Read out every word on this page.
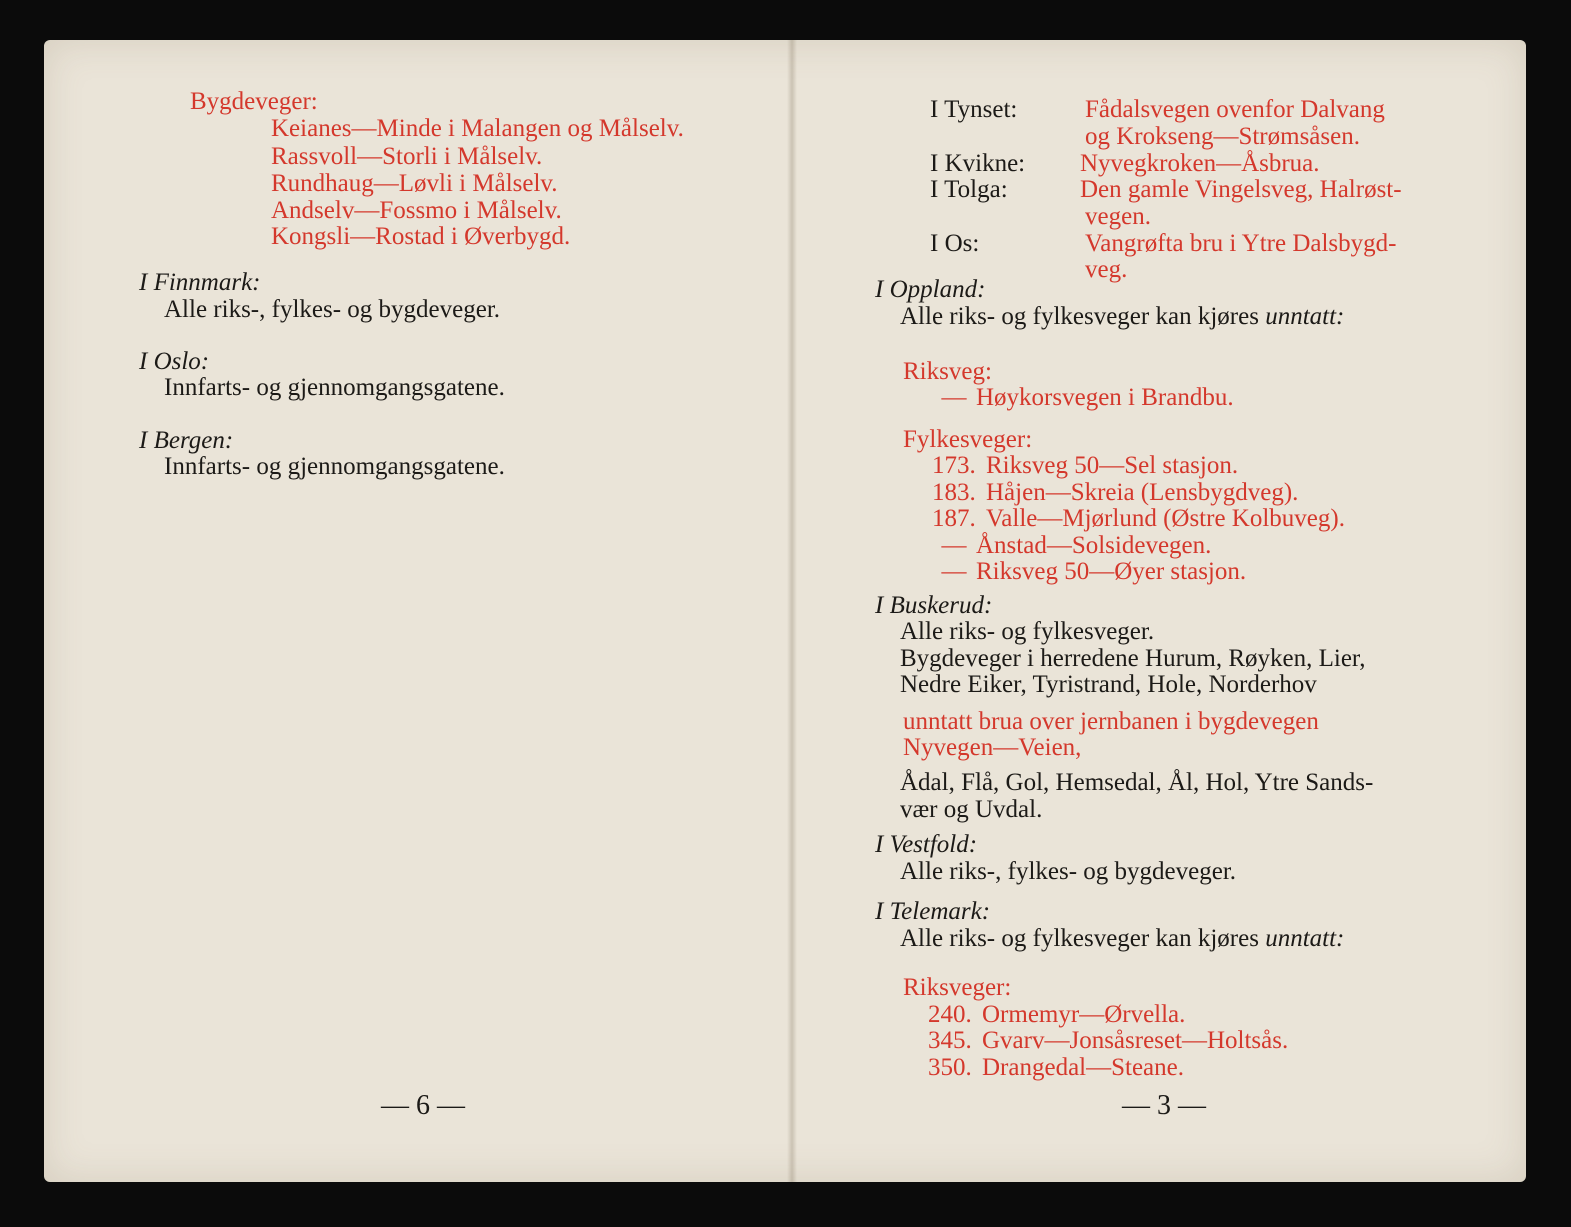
Bygdeveger:
Keianes—Minde i Malangen og Målselv.
Rassvoll—Storli i Målselv.
Rundhaug—Løvli i Målselv.
Andselv—Fossmo i Målselv.
Kongsli—Rostad i Øverbygd.
I Finnmark:
Alle riks-, fylkes- og bygdeveger.
I Oslo:
Innfarts- og gjennomgangsgatene.
I Bergen:
Innfarts- og gjennomgangsgatene.
— 6 —
I Tynset:	Fådalsvegen ovenfor Dalvang
og Krokseng—Strømsåsen.
I Kvikne: Nyvegkroken—Åsbrua.
I Tolga:	Den gamle Vingelsveg, Halrøst-
vegen.
I Os:	Vangrøfta bru i Ytre Dalsbygd-
veg.
I Oppland:
Alle riks- og fylkesveger kan kjøres unntatt:
Riksveg:
— Høykorsvegen i Brandbu.
Fylkesveger:
173. Riksveg 50—Sel stasjon.
183. Håjen—Skreia (Lensbygdveg).
187. Valle—Mjørlund (Østre Kolbuveg).
— Ånstad—Solsidevegen.
— Riksveg 50—Øyer stasjon.
I Buskerud:
Alle riks- og fylkesveger.
Bygdeveger i herredene Hurum, Røyken, Lier,
Nedre Eiker, Tyristrand, Hole, Norderhov
unntatt brua over jernbanen i bygdevegen
Nyvegen—Veien,
Ådal, Flå, Gol, Hemsedal, Ål, Hol, Ytre Sands-
vær og Uvdal.
I Vestfold:
Alle riks-, fylkes- og bygdeveger.
I Telemark:
Alle riks- og fylkesveger kan kjøres unntatt:
Riksveger:
240. Ormemyr—Ørvella.
345. Gvarv—Jonsåsreset—Holtsås.
350. Drangedal—Steane.
— 3 —
